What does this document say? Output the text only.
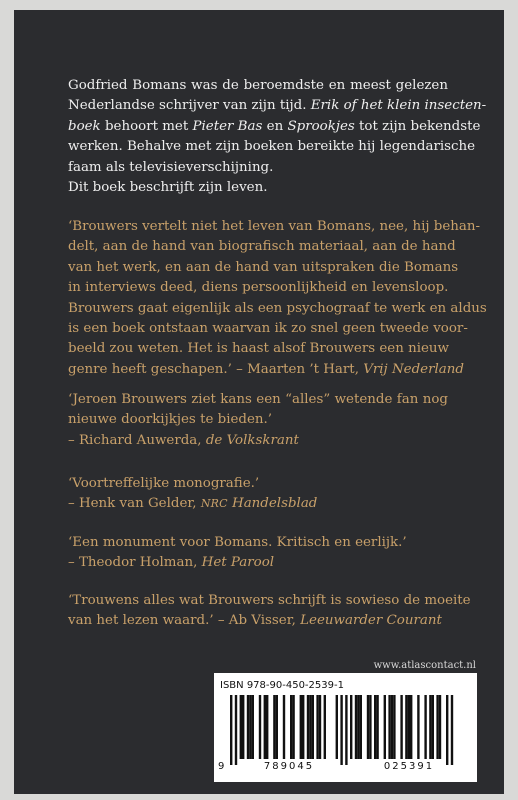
Godfried Bomans was de beroemdste en meest gelezen
Nederlandse schrijver van zijn tijd. Erik of het klein insecten-
boek behoort met Pieter Bas en Sprookjes tot zijn bekendste
werken. Behalve met zijn boeken bereikte hij legendarische
faam als televisieverschijning.
Dit boek beschrijft zijn leven.
‘Brouwers vertelt niet het leven van Bomans, nee, hij behan-
delt, aan de hand van biografisch materiaal, aan de hand
van het werk, en aan de hand van uitspraken die Bomans
in interviews deed, diens persoonlijkheid en levensloop.
Brouwers gaat eigenlijk als een psychograaf te werk en aldus
is een boek ontstaan waarvan ik zo snel geen tweede voor-
beeld zou weten. Het is haast alsof Brouwers een nieuw
genre heeft geschapen.’ – Maarten ’t Hart, Vrij Nederland
‘Jeroen Brouwers ziet kans een “alles” wetende fan nog
nieuwe doorkijkjes te bieden.’
– Richard Auwerda, de Volkskrant
‘Voortreffelijke monografie.’
– Henk van Gelder, NRC Handelsblad
‘Een monument voor Bomans. Kritisch en eerlijk.’
– Theodor Holman, Het Parool
‘Trouwens alles wat Brouwers schrijft is sowieso de moeite
van het lezen waard.’ – Ab Visser, Leeuwarder Courant
www.atlascontact.nl
ISBN 978-90-450-2539-1
9	789045	025391
